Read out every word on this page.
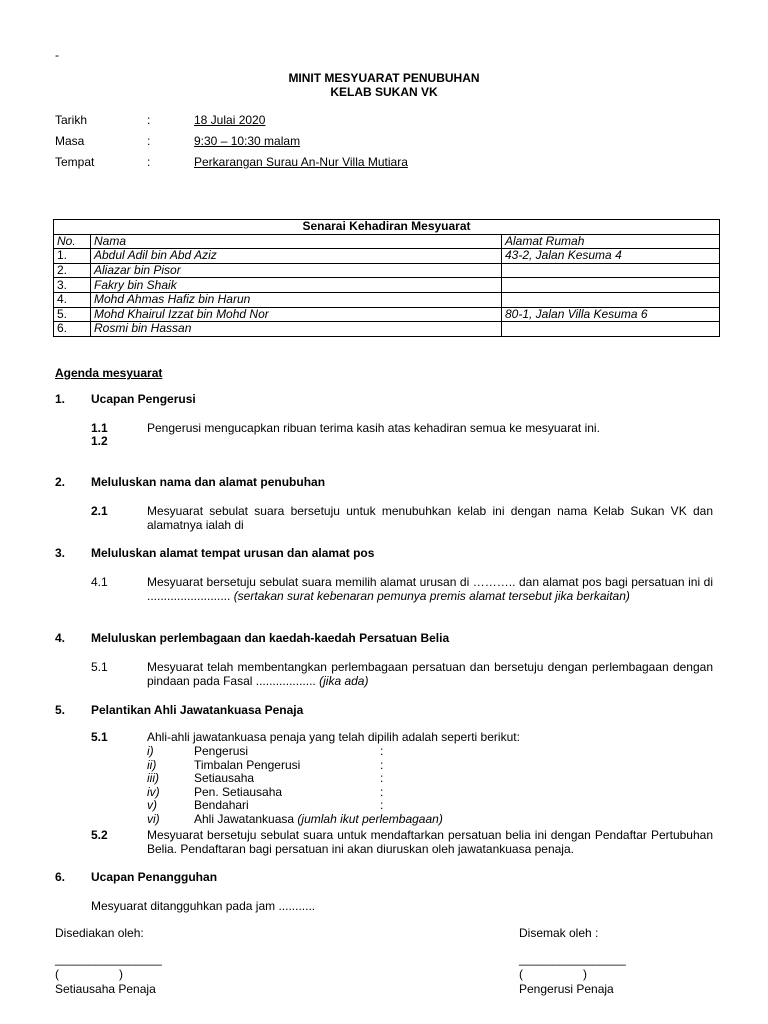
-
MINIT MESYUARAT PENUBUHAN
KELAB SUKAN VK
Tarikh	:	18 Julai 2020
Masa	:	9:30 – 10:30 malam
Tempat	:	Perkarangan Surau An-Nur Villa Mutiara
Senarai Kehadiran Mesyuarat		
No.	Nama	Alamat Rumah
1.	Abdul Adil bin Abd Aziz	43-2, Jalan Kesuma 4
2.	Aliazar bin Pisor	
3.	Fakry bin Shaik	
4.	Mohd Ahmas Hafiz bin Harun	
5.	Mohd Khairul Izzat bin Mohd Nor	80-1, Jalan Villa Kesuma 6
6.	Rosmi bin Hassan	
Agenda mesyuarat
1. Ucapan Pengerusi
1.1	Pengerusi mengucapkan ribuan terima kasih atas kehadiran semua ke mesyuarat ini.
1.2
2. Meluluskan nama dan alamat penubuhan
2.1	Mesyuarat sebulat suara bersetuju untuk menubuhkan kelab ini dengan nama Kelab Sukan VK dan alamatnya ialah di
3. Meluluskan alamat tempat urusan dan alamat pos
4.1	Mesyuarat bersetuju sebulat suara memilih alamat urusan di ……….. dan alamat pos bagi persatuan ini di ......................... (sertakan surat kebenaran pemunya premis alamat tersebut jika berkaitan)
4. Meluluskan perlembagaan dan kaedah-kaedah Persatuan Belia
5.1	Mesyuarat telah membentangkan perlembagaan persatuan dan bersetuju dengan perlembagaan dengan pindaan pada Fasal .................. (jika ada)
5. Pelantikan Ahli Jawatankuasa Penaja
5.1	Ahli-ahli jawatankuasa penaja yang telah dipilih adalah seperti berikut:
i)	Pengerusi	:
ii)	Timbalan Pengerusi	:
iii)	Setiausaha	:
iv)	Pen. Setiausaha	:
v)	Bendahari	:
vi)	Ahli Jawatankuasa (jumlah ikut perlembagaan)
5.2	Mesyuarat bersetuju sebulat suara untuk mendaftarkan persatuan belia ini dengan Pendaftar Pertubuhan Belia. Pendaftaran bagi persatuan ini akan diuruskan oleh jawatankuasa penaja.
6. Ucapan Penangguhan
Mesyuarat ditangguhkan pada jam ...........
Disediakan oleh:
________________
(                  )
Setiausaha Penaja
Disemak oleh :
________________
(                  )
Pengerusi Penaja
